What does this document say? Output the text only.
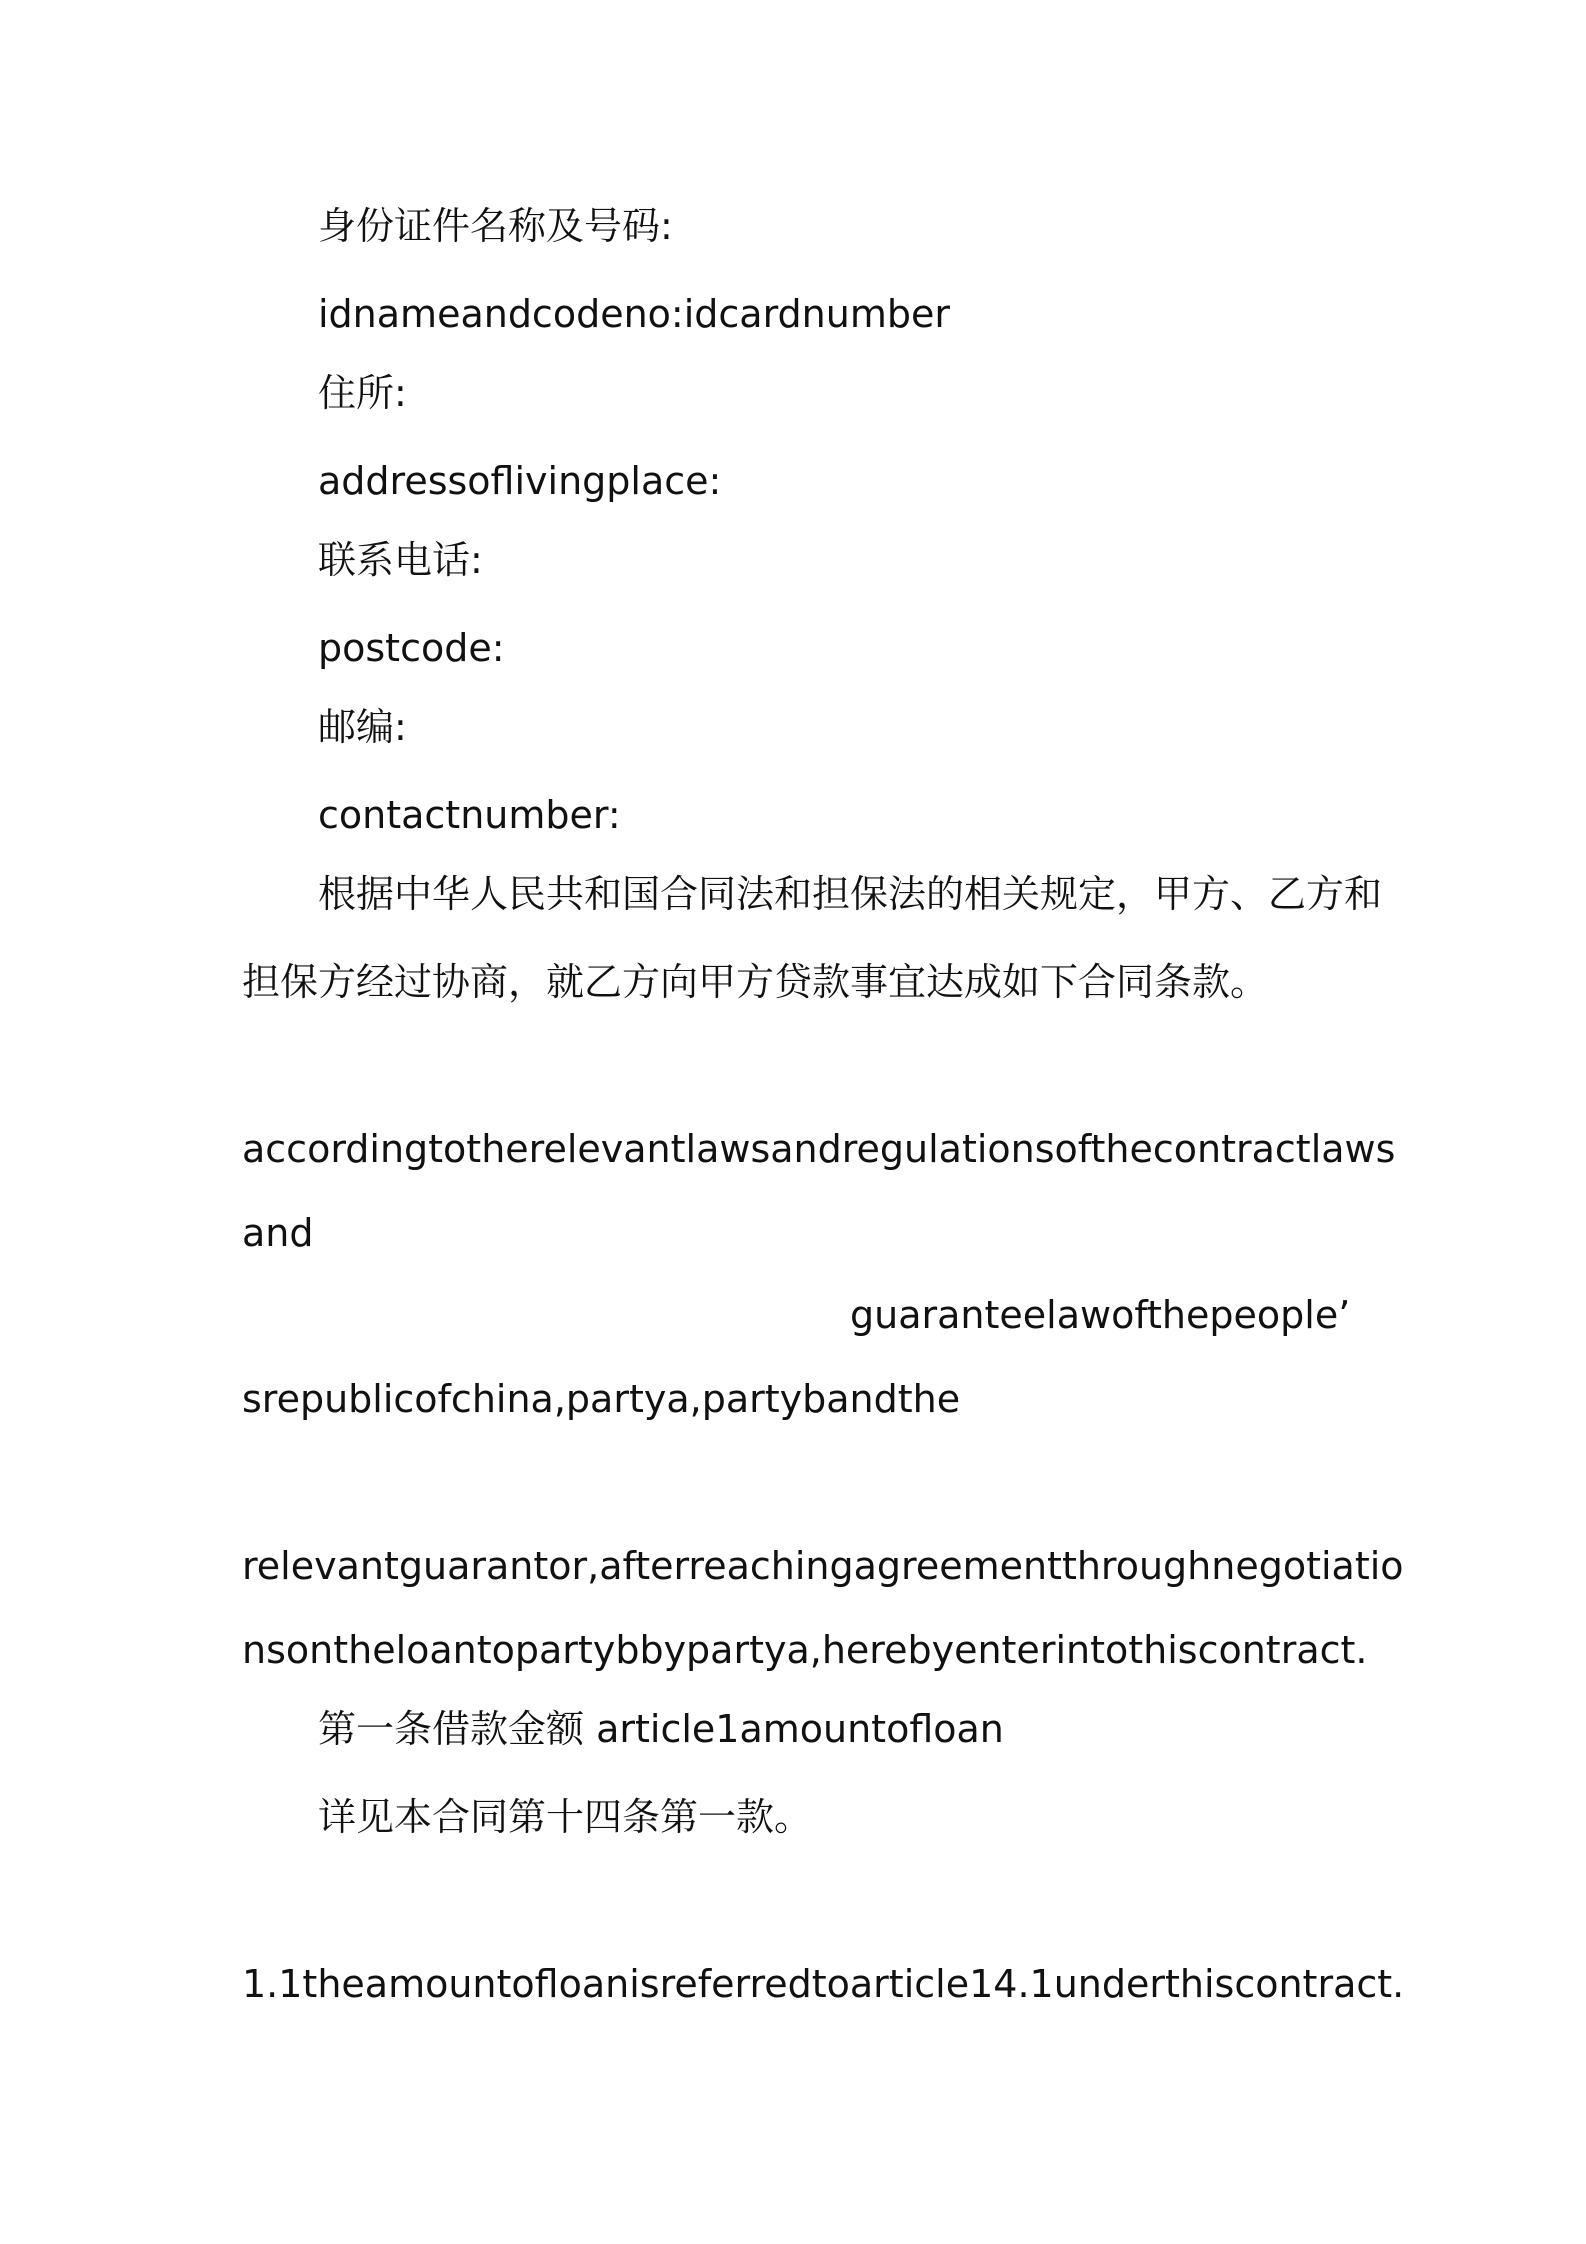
身份证件名称及号码:

idnameandcodeno:idcardnumber

住所:

addressoflivingplace:

联系电话:

postcode:

邮编:

contactnumber:

根据中华人民共和国合同法和担保法的相关规定，甲方、乙方和

担保方经过协商，就乙方向甲方贷款事宜达成如下合同条款。

accordingtotherelevantlawsandregulationsofthecontractlaws

and

guaranteelawofthepeople’

srepublicofchina,partya,partybandthe

relevantguarantor,afterreachingagreementthroughnegotiatio

nsontheloantopartybbypartya,herebyenterintothiscontract.

第一条借款金额 article1amountofloan

详见本合同第十四条第一款。

1.1theamountofloanisreferredtoarticle14.1underthiscontract.
